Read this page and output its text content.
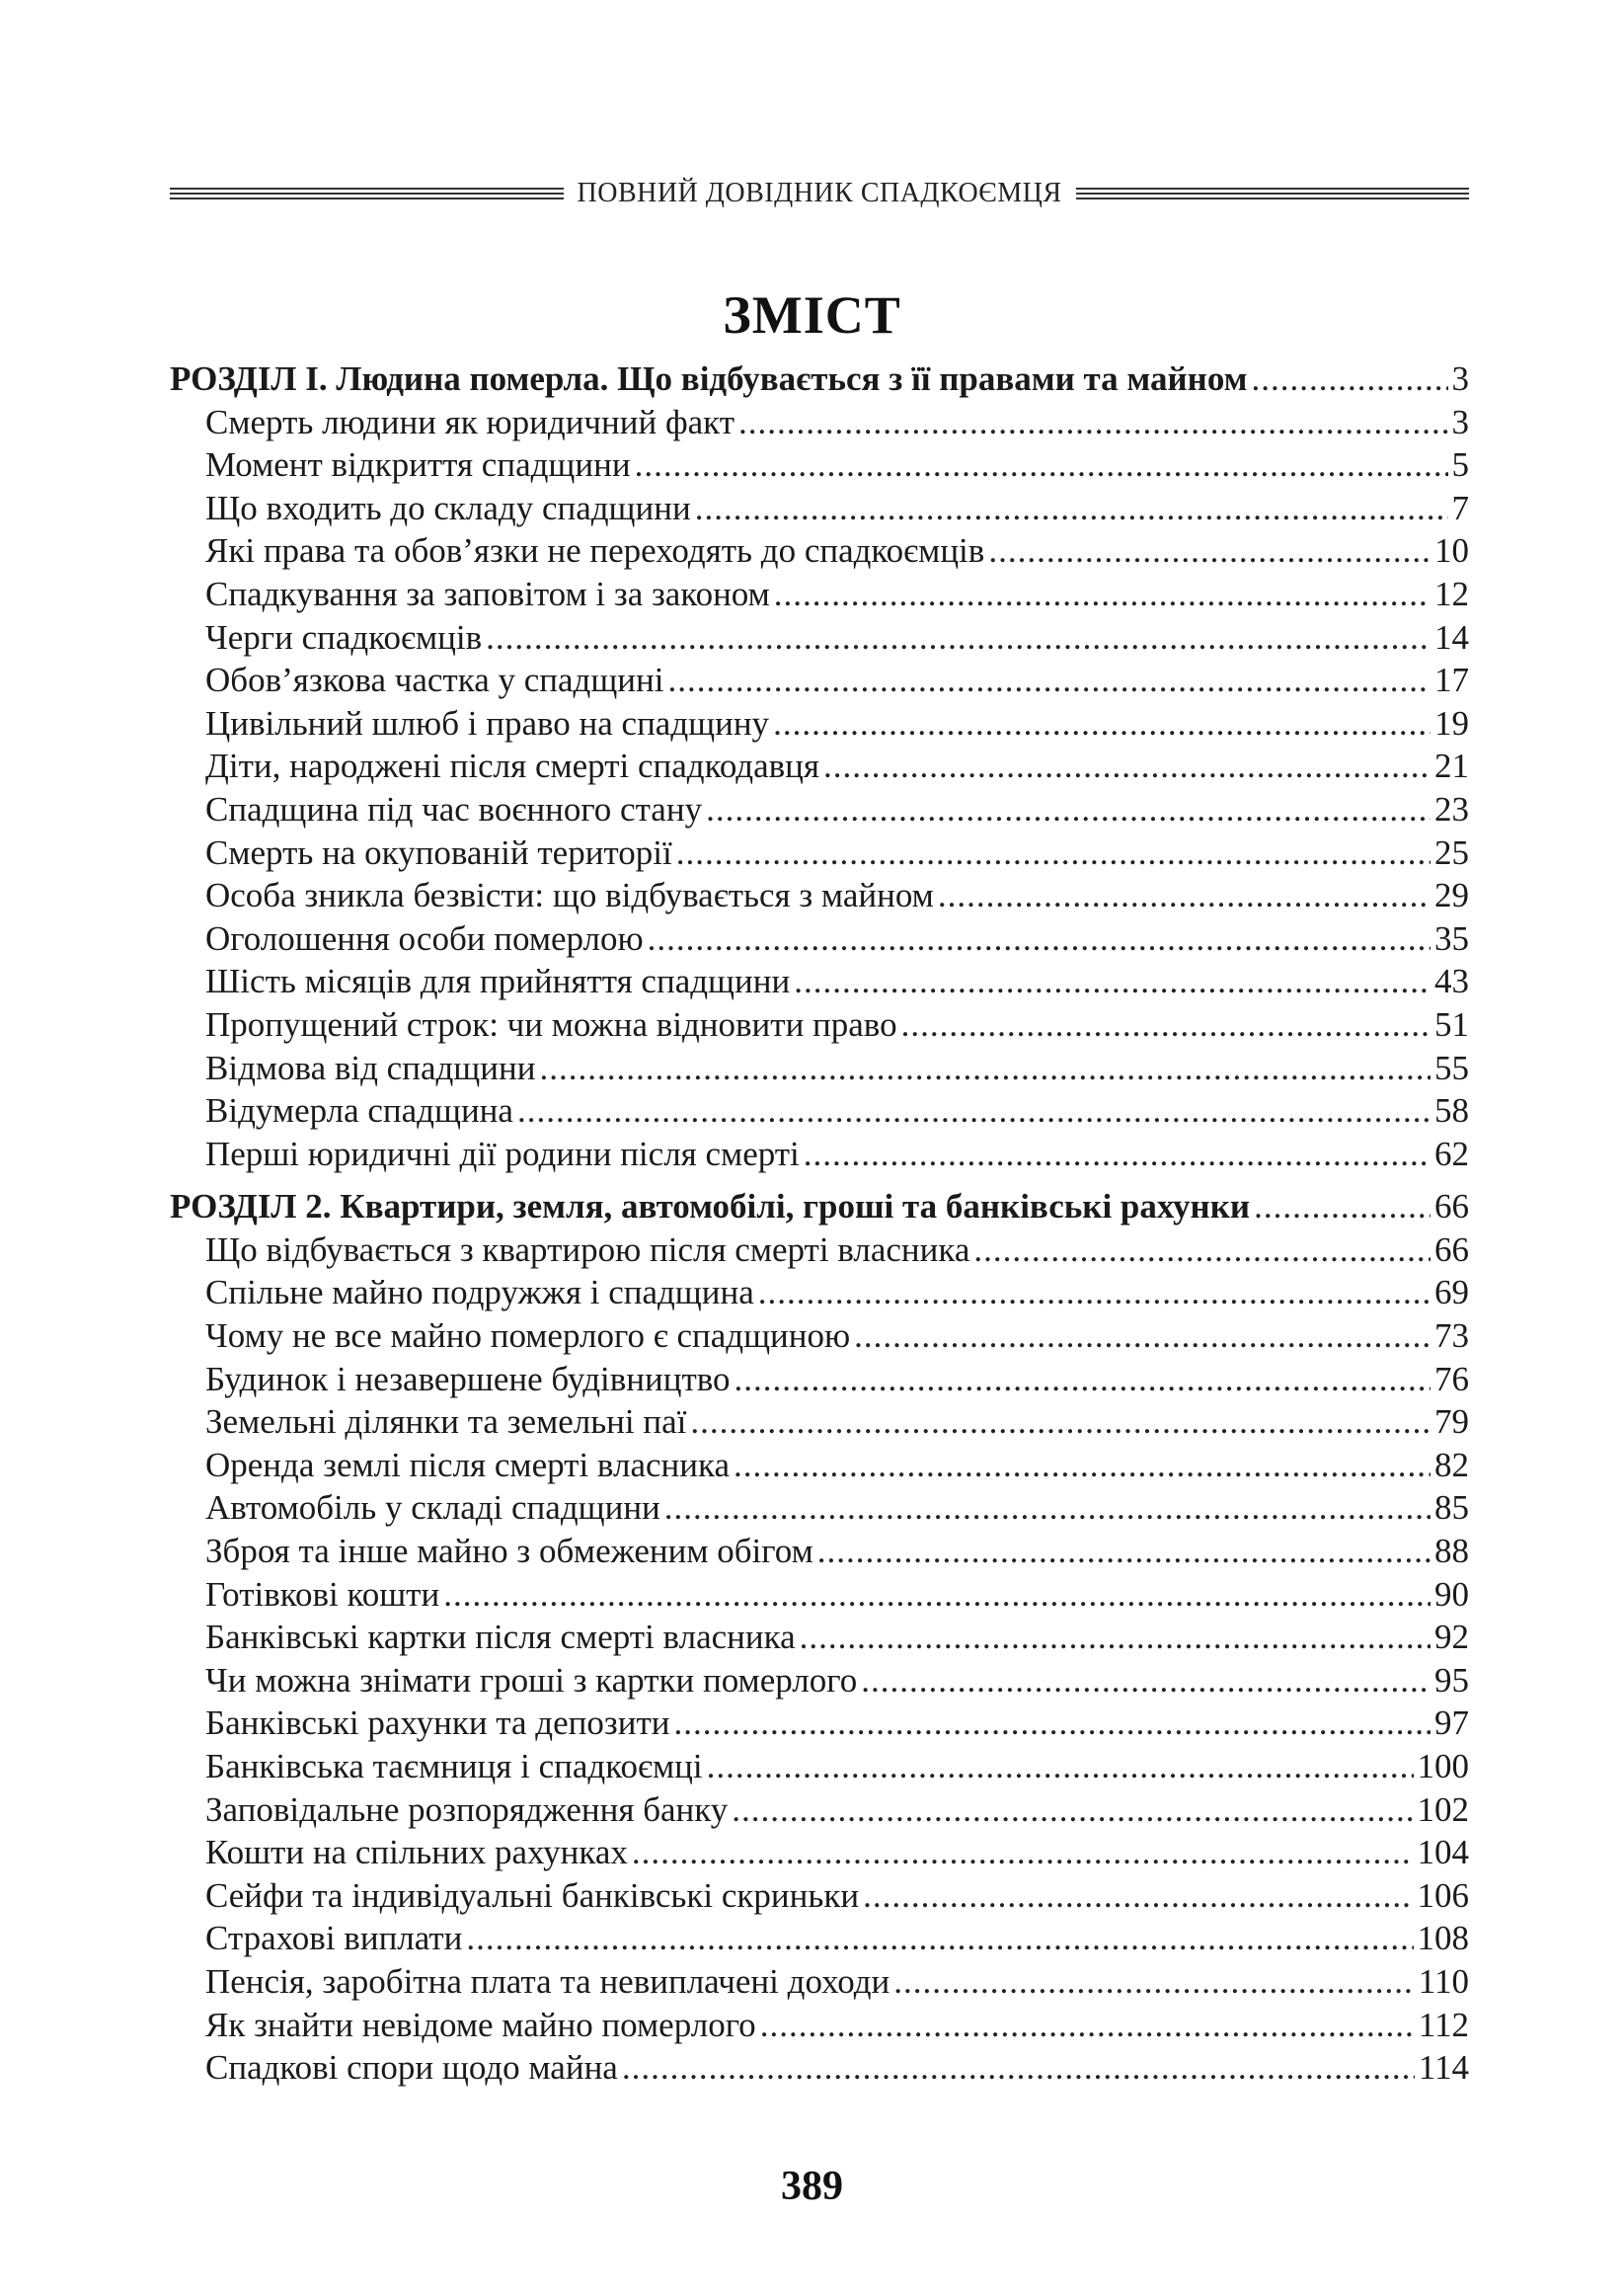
ПОВНИЙ ДОВІДНИК СПАДКОЄМЦЯ
ЗМІСТ
РОЗДІЛ І. Людина померла. Що відбувається з її правами та майном .....	3
Смерть людини як юридичний факт .....	3
Момент відкриття спадщини .....	5
Що входить до складу спадщини .....	7
Які права та обов’язки не переходять до спадкоємців .....	10
Спадкування за заповітом і за законом .....	12
Черги спадкоємців .....	14
Обов’язкова частка у спадщині .....	17
Цивільний шлюб і право на спадщину .....	19
Діти, народжені після смерті спадкодавця .....	21
Спадщина під час воєнного стану .....	23
Смерть на окупованій території .....	25
Особа зникла безвісти: що відбувається з майном .....	29
Оголошення особи померлою .....	35
Шість місяців для прийняття спадщини .....	43
Пропущений строк: чи можна відновити право .....	51
Відмова від спадщини .....	55
Відумерла спадщина .....	58
Перші юридичні дії родини після смерті .....	62
РОЗДІЛ 2. Квартири, земля, автомобілі, гроші та банківські рахунки .....	66
Що відбувається з квартирою після смерті власника .....	66
Спільне майно подружжя і спадщина .....	69
Чому не все майно померлого є спадщиною .....	73
Будинок і незавершене будівництво .....	76
Земельні ділянки та земельні паї .....	79
Оренда землі після смерті власника .....	82
Автомобіль у складі спадщини .....	85
Зброя та інше майно з обмеженим обігом .....	88
Готівкові кошти .....	90
Банківські картки після смерті власника .....	92
Чи можна знімати гроші з картки померлого .....	95
Банківські рахунки та депозити .....	97
Банківська таємниця і спадкоємці .....	100
Заповідальне розпорядження банку .....	102
Кошти на спільних рахунках .....	104
Сейфи та індивідуальні банківські скриньки .....	106
Страхові виплати .....	108
Пенсія, заробітна плата та невиплачені доходи .....	110
Як знайти невідоме майно померлого .....	112
Спадкові спори щодо майна .....	114
389
